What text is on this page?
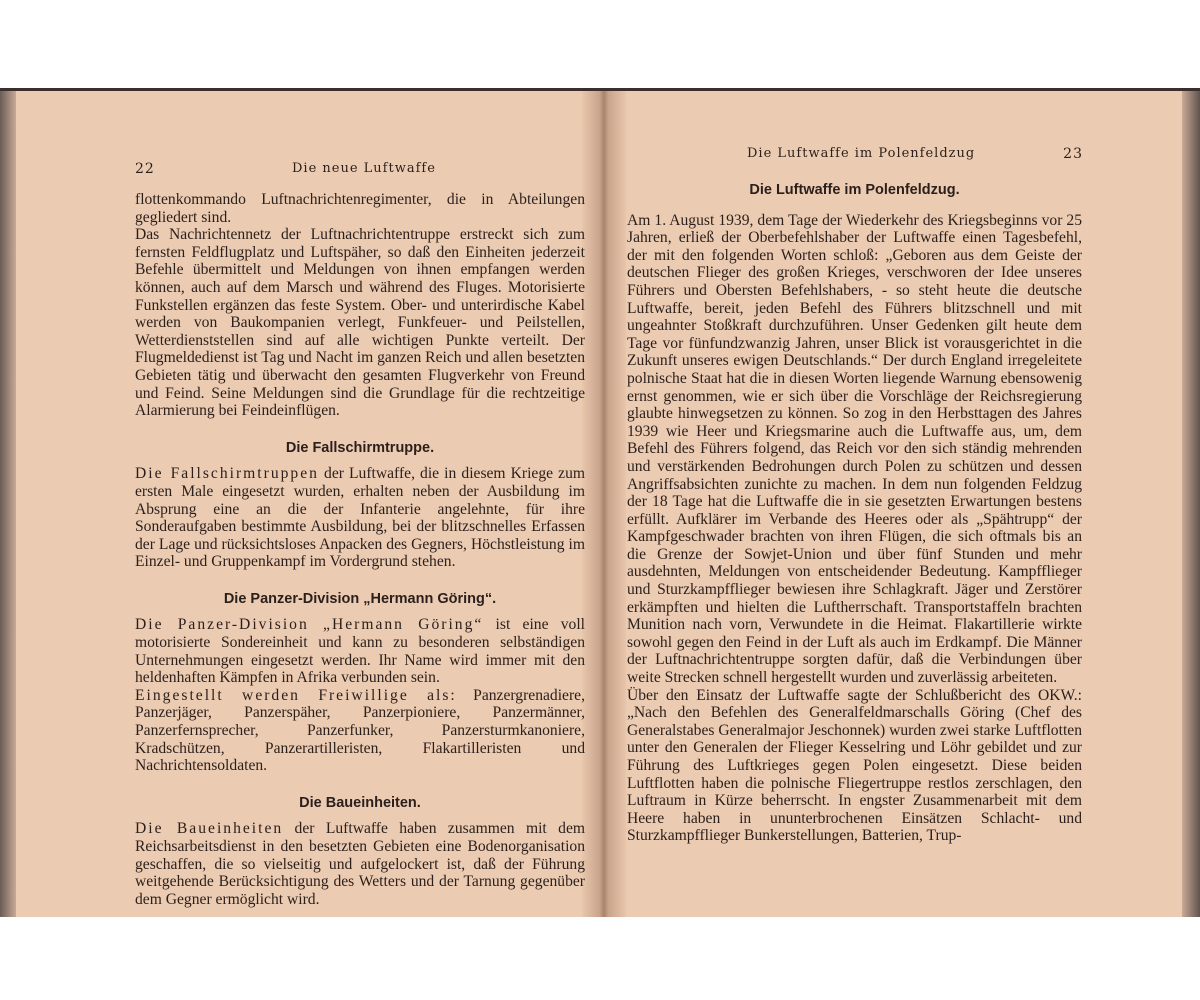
22	Die neue Luftwaffe

flottenkommando Luftnachrichtenregimenter, die in Abteilungen gegliedert sind.

Das Nachrichtennetz der Luftnachrichtentruppe erstreckt sich zum fernsten Feldflugplatz und Luftspäher, so daß den Einheiten jederzeit Befehle übermittelt und Meldungen von ihnen empfangen werden können, auch auf dem Marsch und während des Fluges. Motorisierte Funkstellen ergänzen das feste System. Ober- und unterirdische Kabel werden von Baukompanien verlegt, Funkfeuer- und Peilstellen, Wetterdienststellen sind auf alle wichtigen Punkte verteilt. Der Flugmeldedienst ist Tag und Nacht im ganzen Reich und allen besetzten Gebieten tätig und überwacht den gesamten Flugverkehr von Freund und Feind. Seine Meldungen sind die Grundlage für die rechtzeitige Alarmierung bei Feindeinflügen.

Die Fallschirmtruppe.

Die Fallschirmtruppen der Luftwaffe, die in diesem Kriege zum ersten Male eingesetzt wurden, erhalten neben der Ausbildung im Absprung eine an die der Infanterie angelehnte, für ihre Sonderaufgaben bestimmte Ausbildung, bei der blitzschnelles Erfassen der Lage und rücksichtsloses Anpacken des Gegners, Höchstleistung im Einzel- und Gruppenkampf im Vordergrund stehen.

Die Panzer-Division „Hermann Göring“.

Die Panzer-Division „Hermann Göring“ ist eine voll motorisierte Sondereinheit und kann zu besonderen selbständigen Unternehmungen eingesetzt werden. Ihr Name wird immer mit den heldenhaften Kämpfen in Afrika verbunden sein.

Eingestellt werden Freiwillige als: Panzergrenadiere, Panzerjäger, Panzerspäher, Panzerpioniere, Panzermänner, Panzerfernsprecher, Panzerfunker, Panzersturmkanoniere, Kradschützen, Panzerartilleristen, Flakartilleristen und Nachrichtensoldaten.

Die Baueinheiten.

Die Baueinheiten der Luftwaffe haben zusammen mit dem Reichsarbeitsdienst in den besetzten Gebieten eine Bodenorganisation geschaffen, die so vielseitig und aufgelockert ist, daß der Führung weitgehende Berücksichtigung des Wetters und der Tarnung gegenüber dem Gegner ermöglicht wird.

Die Luftwaffe im Polenfeldzug	23
Die Luftwaffe im Polenfeldzug.

Am 1. August 1939, dem Tage der Wiederkehr des Kriegsbeginns vor 25 Jahren, erließ der Oberbefehlshaber der Luftwaffe einen Tagesbefehl, der mit den folgenden Worten schloß: „Geboren aus dem Geiste der deutschen Flieger des großen Krieges, verschworen der Idee unseres Führers und Obersten Befehlshabers, - so steht heute die deutsche Luftwaffe, bereit, jeden Befehl des Führers blitzschnell und mit ungeahnter Stoßkraft durchzuführen. Unser Gedenken gilt heute dem Tage vor fünfundzwanzig Jahren, unser Blick ist vorausgerichtet in die Zukunft unseres ewigen Deutschlands.“ Der durch England irregeleitete polnische Staat hat die in diesen Worten liegende Warnung ebensowenig ernst genommen, wie er sich über die Vorschläge der Reichsregierung glaubte hinwegsetzen zu können. So zog in den Herbsttagen des Jahres 1939 wie Heer und Kriegsmarine auch die Luftwaffe aus, um, dem Befehl des Führers folgend, das Reich vor den sich ständig mehrenden und verstärkenden Bedrohungen durch Polen zu schützen und dessen Angriffsabsichten zunichte zu machen. In dem nun folgenden Feldzug der 18 Tage hat die Luftwaffe die in sie gesetzten Erwartungen bestens erfüllt. Aufklärer im Verbande des Heeres oder als „Spähtrupp“ der Kampfgeschwader brachten von ihren Flügen, die sich oftmals bis an die Grenze der Sowjet-Union und über fünf Stunden und mehr ausdehnten, Meldungen von entscheidender Bedeutung. Kampfflieger und Sturzkampfflieger bewiesen ihre Schlagkraft. Jäger und Zerstörer erkämpften und hielten die Luftherrschaft. Transportstaffeln brachten Munition nach vorn, Verwundete in die Heimat. Flakartillerie wirkte sowohl gegen den Feind in der Luft als auch im Erdkampf. Die Männer der Luftnachrichtentruppe sorgten dafür, daß die Verbindungen über weite Strecken schnell hergestellt wurden und zuverlässig arbeiteten.

Über den Einsatz der Luftwaffe sagte der Schlußbericht des OKW.: „Nach den Befehlen des Generalfeldmarschalls Göring (Chef des Generalstabes Generalmajor Jeschonnek) wurden zwei starke Luftflotten unter den Generalen der Flieger Kesselring und Löhr gebildet und zur Führung des Luftkrieges gegen Polen eingesetzt. Diese beiden Luftflotten haben die polnische Fliegertruppe restlos zerschlagen, den Luftraum in Kürze beherrscht. In engster Zusammenarbeit mit dem Heere haben in ununterbrochenen Einsätzen Schlacht- und Sturzkampfflieger Bunkerstellungen, Batterien, Trup-
